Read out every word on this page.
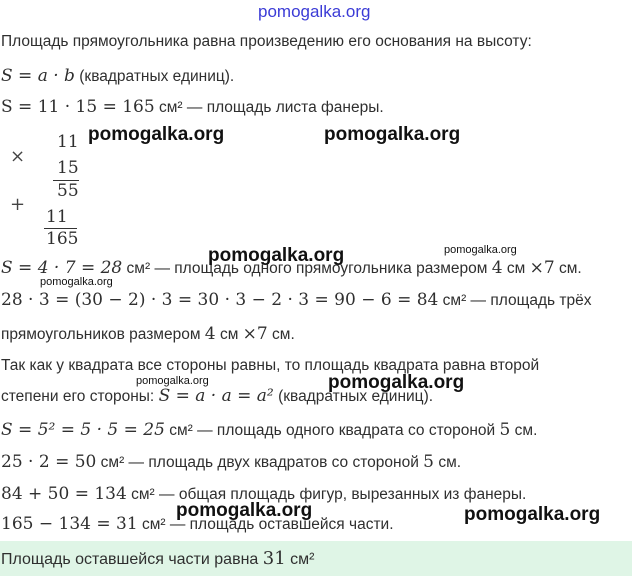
pomogalka.org
Площадь прямоугольника равна произведению его основания на высоту:
S = a · b (квадратных единиц).
S = 11 · 15 = 165 см² — площадь листа фанеры.
×
11
15
55
+
11
165
S = 4 · 7 = 28 см² — площадь одного прямоугольника размером 4 см ×7 см.
28 · 3 = (30 − 2) · 3 = 30 · 3 − 2 · 3 = 90 − 6 = 84 см² — площадь трёх
прямоугольников размером 4 см ×7 см.
Так как у квадрата все стороны равны, то площадь квадрата равна второй
степени его стороны: S = a · a = a² (квадратных единиц).
S = 5² = 5 · 5 = 25 см² — площадь одного квадрата со стороной 5 см.
25 · 2 = 50 см² — площадь двух квадратов со стороной 5 см.
84 + 50 = 134 см² — общая площадь фигур, вырезанных из фанеры.
165 − 134 = 31 см² — площадь оставшейся части.
Площадь оставшейся части равна 31 см²
pomogalka.org	pomogalka.org
pomogalka.org	pomogalka.org
pomogalka.org
pomogalka.org	pomogalka.org
pomogalka.org	pomogalka.org
